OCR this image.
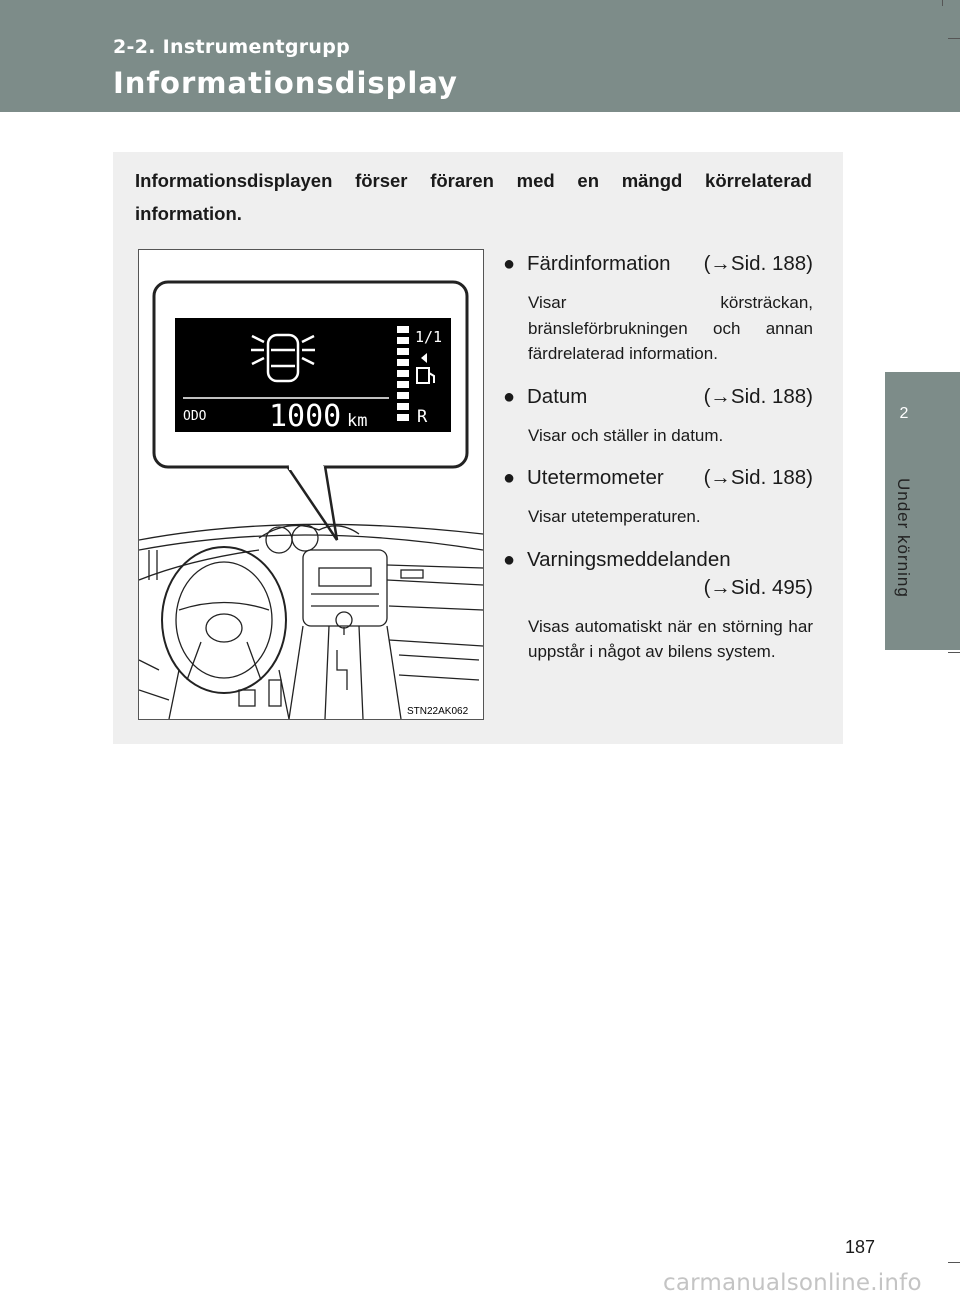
2-2. Instrumentgrupp
Informationsdisplay
2
Under körning

Informationsdisplayen förser föraren med en mängd körrelaterad information.

1/1
R
ODO 1000 km
STN22AK062
● Färdinformation	(→Sid. 188)

Visar körsträckan, bränsleförbrukningen och annan färdrelaterad information.

● Datum	(→Sid. 188)

Visar och ställer in datum.

● Utetermometer	(→Sid. 188)

Visar utetemperaturen.

● Varningsmeddelanden
(→Sid. 495)

Visas automatiskt när en störning har uppstår i något av bilens system.

187
carmanualsonline.info
